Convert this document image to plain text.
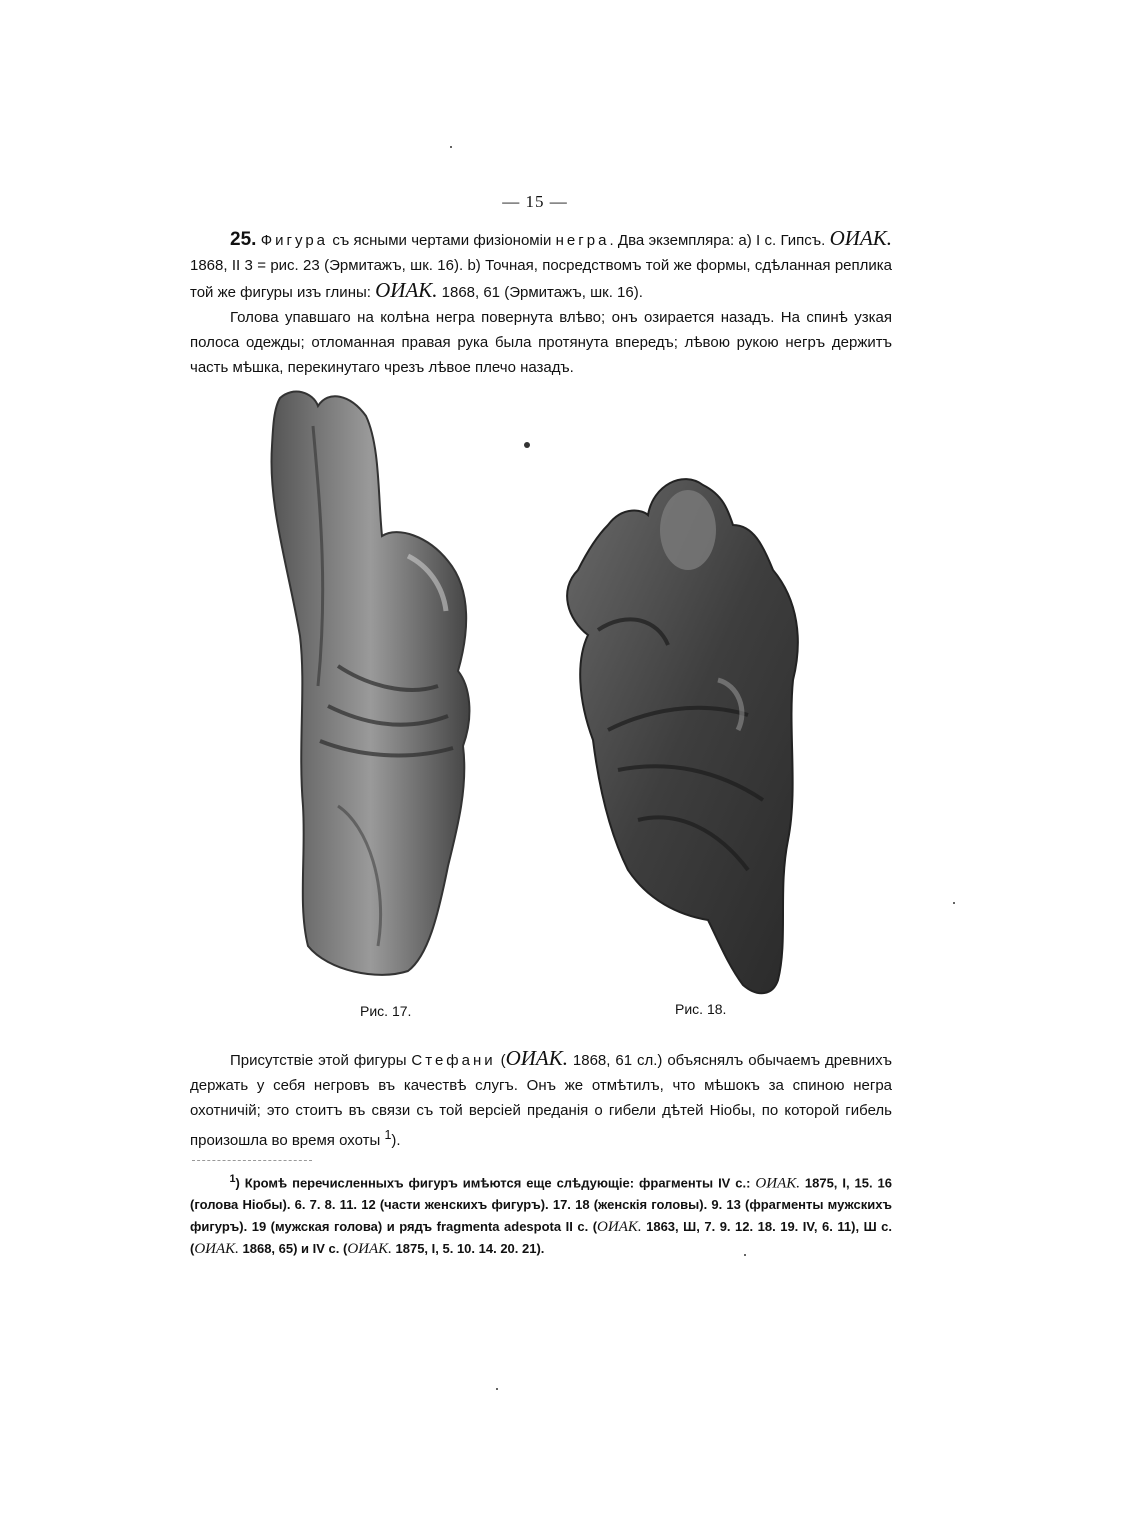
— 15 —
25. Фигура съ ясными чертами физіономіи негра. Два экземпляра: a) I с. Гипсъ. ОИАК. 1868, II 3 = рис. 23 (Эрмитажъ, шк. 16). b) Точная, посредствомъ той же формы, сдѣланная реплика той же фигуры изъ глины: ОИАК. 1868, 61 (Эрмитажъ, шк. 16).
Голова упавшаго на колѣна негра повернута влѣво; онъ озирается назадъ. На спинѣ узкая полоса одежды; отломанная правая рука была протянута впередъ; лѣвою рукою негръ держитъ часть мѣшка, перекинутаго чрезъ лѣвое плечо назадъ.
Рис. 17.	Рис. 18.
Присутствіе этой фигуры Стефани (ОИАК. 1868, 61 сл.) объяснялъ обычаемъ древнихъ держать у себя негровъ въ качествѣ слугъ. Онъ же отмѣтилъ, что мѣшокъ за спиною негра охотничій; это стоитъ въ связи съ той версіей преданія о гибели дѣтей Ніобы, по которой гибель произошла во время охоты $^1$).
$^1$) Кромѣ перечисленныхъ фигуръ имѣются еще слѣдующіе: фрагменты IV с.: ОИАК. 1875, I, 15. 16 (голова Ніобы). 6. 7. 8. 11. 12 (части женскихъ фигуръ). 17. 18 (женскія головы). 9. 13 (фрагменты мужскихъ фигуръ). 19 (мужская голова) и рядъ fragmenta adespota II с. (ОИАК. 1863, Ш, 7. 9. 12. 18. 19. IV, 6. 11), Ш с. (ОИАК. 1868, 65) и IV с. (ОИАК. 1875, I, 5. 10. 14. 20. 21).
